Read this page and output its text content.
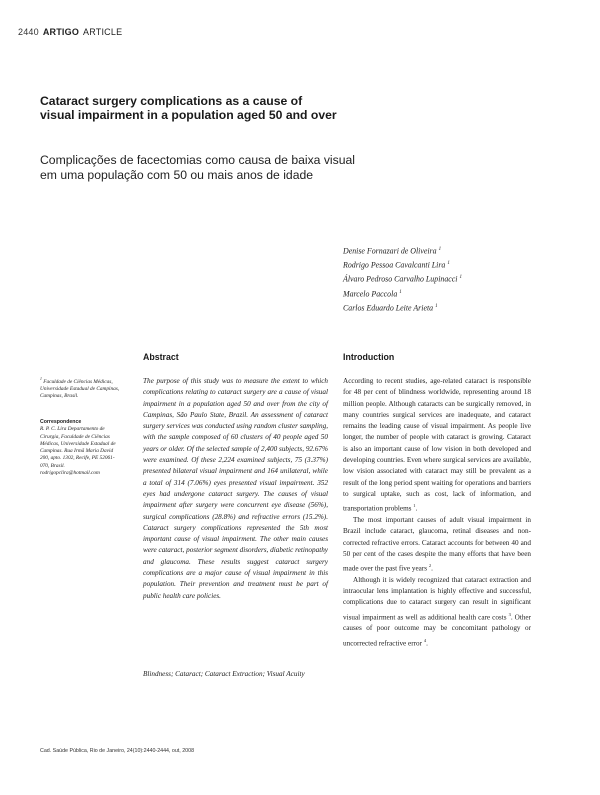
2440 ARTIGO ARTICLE
Cataract surgery complications as a cause of visual impairment in a population aged 50 and over
Complicações de facectomias como causa de baixa visual em uma população com 50 ou mais anos de idade
Denise Fornazari de Oliveira $^1$
Rodrigo Pessoa Cavalcanti Lira $^1$
Álvaro Pedroso Carvalho Lupinacci $^1$
Marcelo Paccola $^1$
Carlos Eduardo Leite Arieta $^1$
Abstract	Introduction
$^1$ Faculdade de Ciências Médicas, Universidade Estadual de Campinas, Campinas, Brasil.
Correspondence
R. P. C. Lira Departamento de Cirurgia, Faculdade de Ciências Médicas, Universidade Estadual de Campinas. Rua Irmã Maria David 200, apto. 1302, Recife, PE 52061-070, Brasil. rodrigopclira@hotmail.com
The purpose of this study was to measure the extent to which complications relating to cataract surgery are a cause of visual impairment in a population aged 50 and over from the city of Campinas, São Paulo State, Brazil. An assessment of cataract surgery services was conducted using random cluster sampling, with the sample composed of 60 clusters of 40 people aged 50 years or older. Of the selected sample of 2,400 subjects, 92.67% were examined. Of these 2,224 examined subjects, 75 (3.37%) presented bilateral visual impairment and 164 unilateral, while a total of 314 (7.06%) eyes presented visual impairment. 352 eyes had undergone cataract surgery. The causes of visual impairment after surgery were concurrent eye disease (56%), surgical complications (28.8%) and refractive errors (15.2%). Cataract surgery complications represented the 5th most important cause of visual impairment. The other main causes were cataract, posterior segment disorders, diabetic retinopathy and glaucoma. These results suggest cataract surgery complications are a major cause of visual impairment in this population. Their prevention and treatment must be part of public health care policies.
Blindness; Cataract; Cataract Extraction; Visual Acuity

According to recent studies, age-related cataract is responsible for 48 per cent of blindness worldwide, representing around 18 million people. Although cataracts can be surgically removed, in many countries surgical services are inadequate, and cataract remains the leading cause of visual impairment. As people live longer, the number of people with cataract is growing. Cataract is also an important cause of low vision in both developed and developing countries. Even where surgical services are available, low vision associated with cataract may still be prevalent as a result of the long period spent waiting for operations and barriers to surgical uptake, such as cost, lack of information, and transportation problems $^1$.

The most important causes of adult visual impairment in Brazil include cataract, glaucoma, retinal diseases and non-corrected refractive errors. Cataract accounts for between 40 and 50 per cent of the cases despite the many efforts that have been made over the past five years $^2$.

Although it is widely recognized that cataract extraction and intraocular lens implantation is highly effective and successful, complications due to cataract surgery can result in significant visual impairment as well as additional health care costs $^3$. Other causes of poor outcome may be concomitant pathology or uncorrected refractive error $^4$.

Cad. Saúde Pública, Rio de Janeiro, 24(10):2440-2444, out, 2008
